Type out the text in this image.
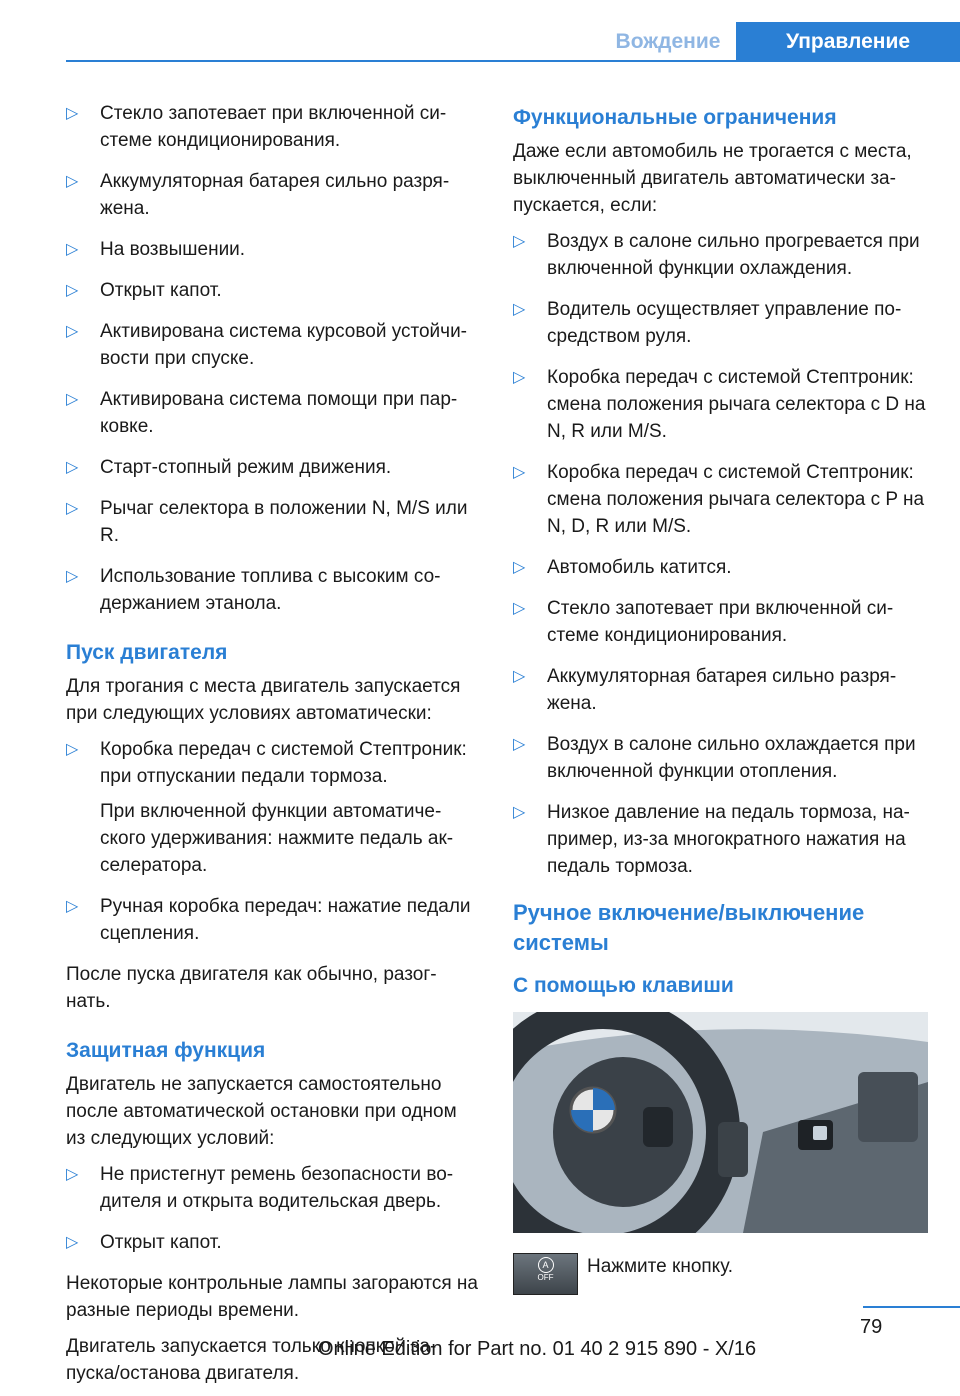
Вождение	Управление
▷ Стекло запотевает при включенной си-стеме кондиционирования.
▷ Аккумуляторная батарея сильно разря-жена.
▷ На возвышении.
▷ Открыт капот.
▷ Активирована система курсовой устойчи-вости при спуске.
▷ Активирована система помощи при пар-ковке.
▷ Старт-стопный режим движения.
▷ Рычаг селектора в положении N, M/S или R.
▷ Использование топлива с высоким со-держанием этанола.
Пуск двигателя
Для трогания с места двигатель запускается при следующих условиях автоматически:
▷ Коробка передач с системой Стептроник: при отпускании педали тормоза.
При включенной функции автоматиче-ского удерживания: нажмите педаль ак-селератора.
▷ Ручная коробка передач: нажатие педали сцепления.
После пуска двигателя как обычно, разог-нать.
Защитная функция
Двигатель не запускается самостоятельно после автоматической остановки при одном из следующих условий:
▷ Не пристегнут ремень безопасности во-дителя и открыта водительская дверь.
▷ Открыт капот.
Некоторые контрольные лампы загораются на разные периоды времени.
Двигатель запускается только кнопкой за-пуска/останова двигателя.
Функциональные ограничения
Даже если автомобиль не трогается с места, выключенный двигатель автоматически за-пускается, если:
▷ Воздух в салоне сильно прогревается при включенной функции охлаждения.
▷ Водитель осуществляет управление по-средством руля.
▷ Коробка передач с системой Стептроник: смена положения рычага селектора с D на N, R или M/S.
▷ Коробка передач с системой Стептроник: смена положения рычага селектора с P на N, D, R или M/S.
▷ Автомобиль катится.
▷ Стекло запотевает при включенной си-стеме кондиционирования.
▷ Аккумуляторная батарея сильно разря-жена.
▷ Воздух в салоне сильно охлаждается при включенной функции отопления.
▷ Низкое давление на педаль тормоза, на-пример, из-за многократного нажатия на педаль тормоза.
Ручное включение/выключение системы
С помощью клавиши
A
OFF
Нажмите кнопку.
79
Online Edition for Part no. 01 40 2 915 890 - X/16
